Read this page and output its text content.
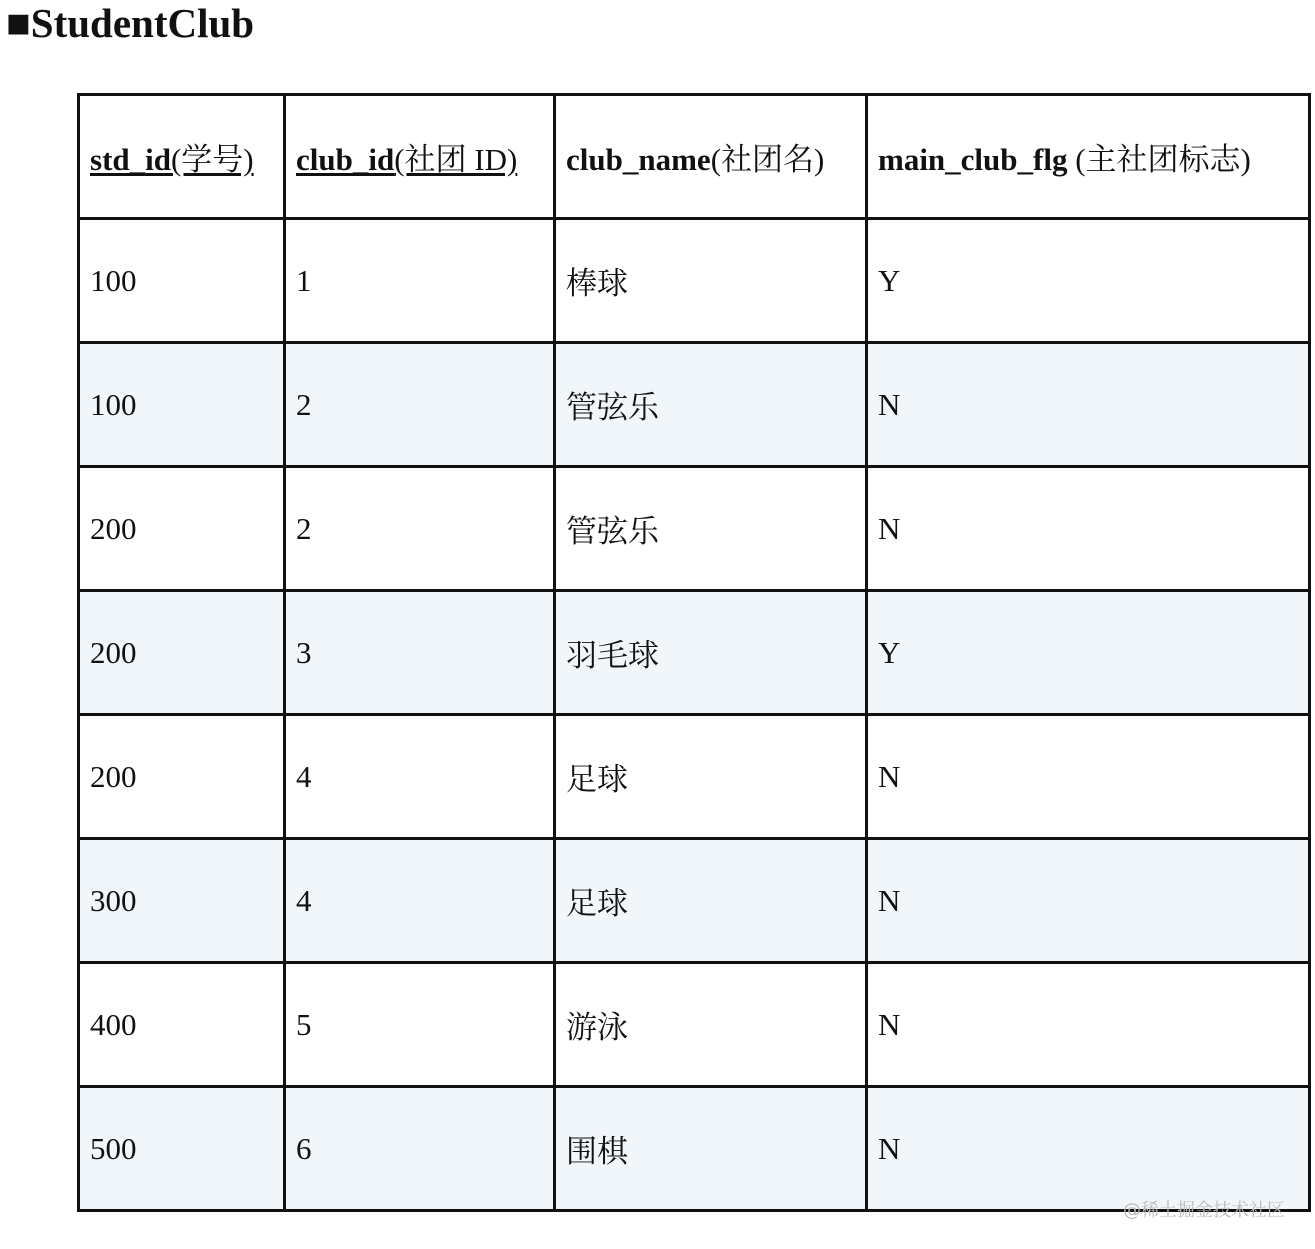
■StudentClub
std_id(学号)	club_id(社团 ID)	club_name(社团名)	main_club_flg (主社团标志)
100	1	棒球	Y
100	2	管弦乐	N
200	2	管弦乐	N
200	3	羽毛球	Y
200	4	足球	N
300	4	足球	N
400	5	游泳	N
500	6	围棋	N
@稀土掘金技术社区
